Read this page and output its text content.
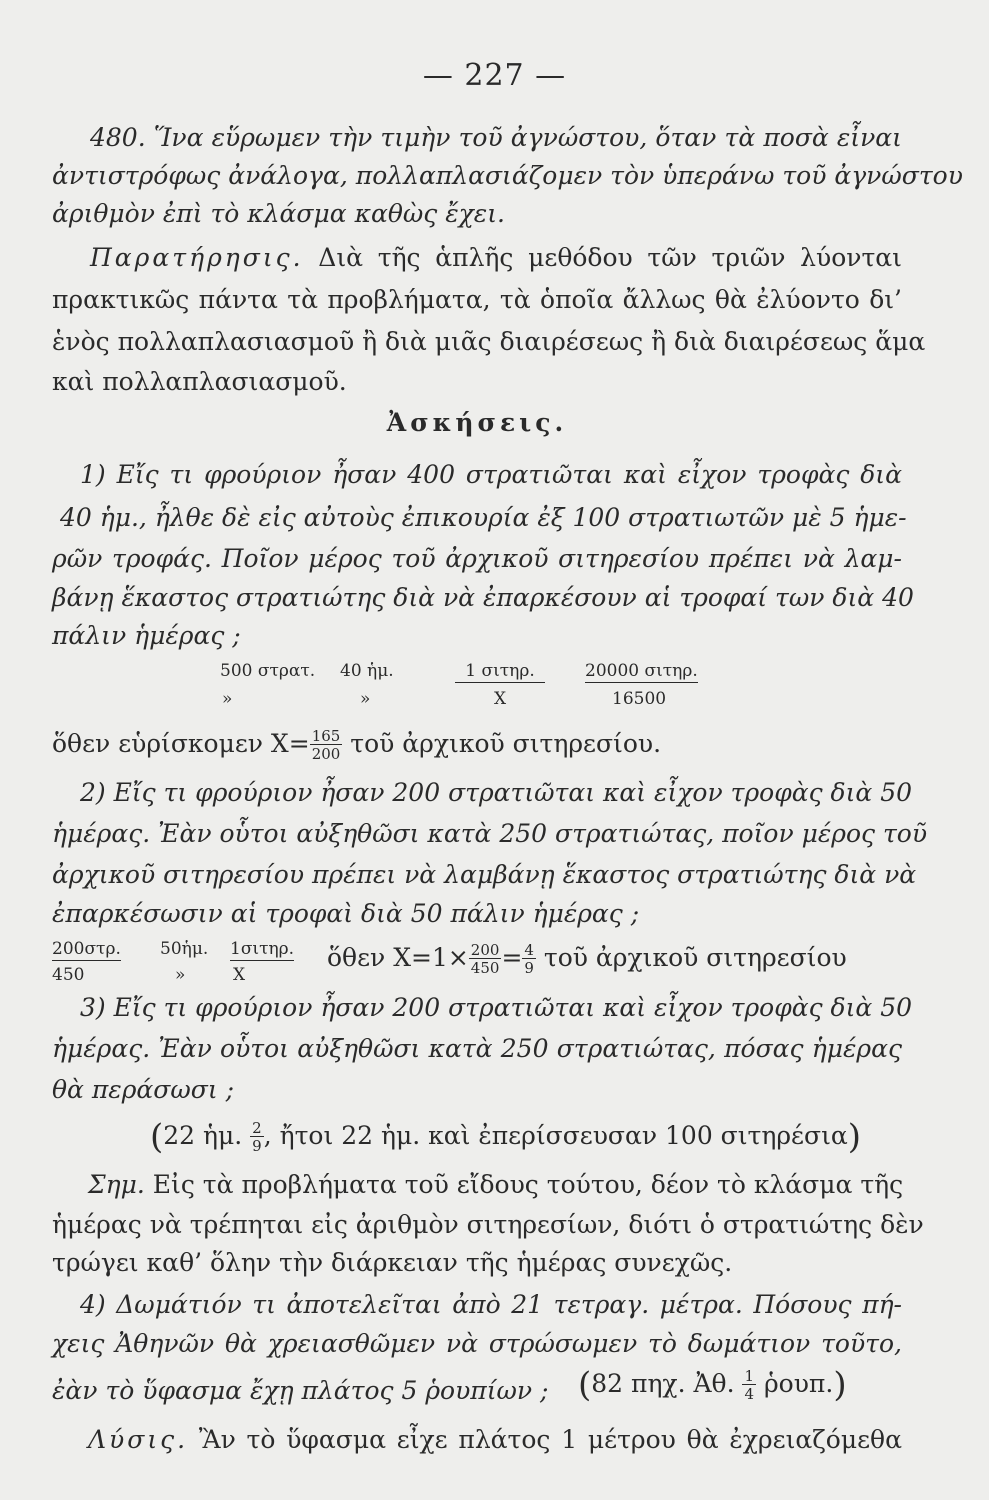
— 227 —
480. Ἵνα εὕρωμεν τὴν τιμὴν τοῦ ἀγνώστου, ὅταν τὰ ποσὰ εἶναι
ἀντιστρόφως ἀνάλογα, πολλαπλασιάζομεν τὸν ὑπεράνω τοῦ ἀγνώστου
ἀριθμὸν ἐπὶ τὸ κλάσμα καθὼς ἔχει.
Παρατήρησις. Διὰ τῆς ἁπλῆς μεθόδου τῶν τριῶν λύονται
πρακτικῶς πάντα τὰ προβλήματα, τὰ ὁποῖα ἄλλως θὰ ἐλύοντο δι’
ἑνὸς πολλαπλασιασμοῦ ἢ διὰ μιᾶς διαιρέσεως ἢ διὰ διαιρέσεως ἅμα
καὶ πολλαπλασιασμοῦ.
Ἀσκήσεις.
1) Εἴς τι φρούριον ἦσαν 400 στρατιῶται καὶ εἶχον τροφὰς διὰ
40 ἡμ., ἦλθε δὲ εἰς αὐτοὺς ἐπικουρία ἐξ 100 στρατιωτῶν μὲ 5 ἡμε-
ρῶν τροφάς. Ποῖον μέρος τοῦ ἀρχικοῦ σιτηρεσίου πρέπει νὰ λαμ-
βάνῃ ἕκαστος στρατιώτης διὰ νὰ ἐπαρκέσουν αἱ τροφαί των διὰ 40
πάλιν ἡμέρας ;
500 στρατ. 40 ἡμ.	1 σιτηρ.	20000 σιτηρ.
»	»	X	16500
ὅθεν εὑρίσκομεν $X= \frac{165}{200}$ τοῦ ἀρχικοῦ σιτηρεσίου.
2) Εἴς τι φρούριον ἦσαν 200 στρατιῶται καὶ εἶχον τροφὰς διὰ 50
ἡμέρας. Ἐὰν οὗτοι αὐξηθῶσι κατὰ 250 στρατιώτας, ποῖον μέρος τοῦ
ἀρχικοῦ σιτηρεσίου πρέπει νὰ λαμβάνῃ ἕκαστος στρατιώτης διὰ νὰ
ἐπαρκέσωσιν αἱ τροφαὶ διὰ 50 πάλιν ἡμέρας ;
200στρ. 50ἡμ. 1σιτηρ.
450	»	X
ὅθεν $X=1\times \frac{200}{450} = \frac{4}{9}$ τοῦ ἀρχικοῦ σιτηρεσίου
3) Εἴς τι φρούριον ἦσαν 200 στρατιῶται καὶ εἶχον τροφὰς διὰ 50
ἡμέρας. Ἐὰν οὗτοι αὐξηθῶσι κατὰ 250 στρατιώτας, πόσας ἡμέρας
θὰ περάσωσι ;
(22 ἡμ. $\frac{2}{9}$ , ἤτοι 22 ἡμ. καὶ ἐπερίσσευσαν 100 σιτηρέσια)
Σημ. Εἰς τὰ προβλήματα τοῦ εἴδους τούτου, δέον τὸ κλάσμα τῆς
ἡμέρας νὰ τρέπηται εἰς ἀριθμὸν σιτηρεσίων, διότι ὁ στρατιώτης δὲν
τρώγει καθ’ ὅλην τὴν διάρκειαν τῆς ἡμέρας συνεχῶς.
4) Δωμάτιόν τι ἀποτελεῖται ἀπὸ 21 τετραγ. μέτρα. Πόσους πή-
χεις Ἀθηνῶν θὰ χρειασθῶμεν νὰ στρώσωμεν τὸ δωμάτιον τοῦτο,
ἐὰν τὸ ὕφασμα ἔχῃ πλάτος 5 ῥουπίων ; (82 πηχ. Ἀθ. $\frac{1}{4}$ ῥουπ.)
Λύσις. Ἂν τὸ ὕφασμα εἶχε πλάτος 1 μέτρου θὰ ἐχρειαζόμεθα
